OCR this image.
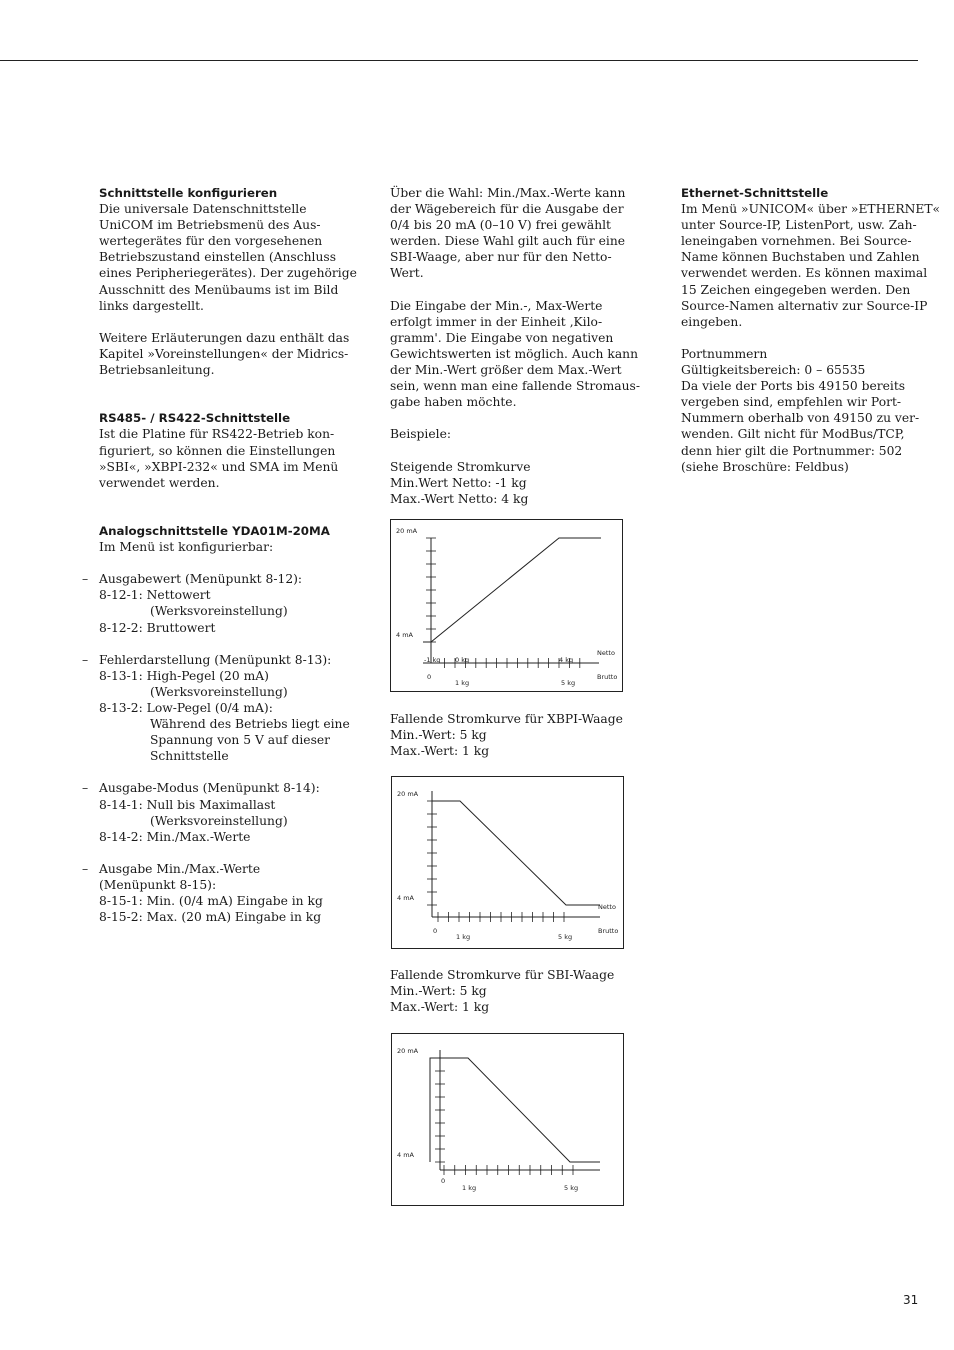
Schnittstelle konfigurieren
Die universale Datenschnittstelle
UniCOM im Betriebsmenü des Aus-
wertegerätes für den vorgesehenen
Betriebszustand einstellen (Anschluss
eines Peripheriegerätes). Der zugehörige
Ausschnitt des Menübaums ist im Bild
links dargestellt.
Weitere Erläuterungen dazu enthält das
Kapitel »Voreinstellungen« der Midrics-
Betriebsanleitung.
RS485- / RS422-Schnittstelle
Ist die Platine für RS422-Betrieb kon-
figuriert, so können die Einstellungen
»SBI«, »XBPI-232« und SMA im Menü
verwendet werden.
Analogschnittstelle YDA01M-20MA
Im Menü ist konfigurierbar:
– Ausgabewert (Menüpunkt 8-12):
8-12-1: Nettowert
(Werksvoreinstellung)
8-12-2: Bruttowert
– Fehlerdarstellung (Menüpunkt 8-13):
8-13-1: High-Pegel (20 mA)
(Werksvoreinstellung)
8-13-2: Low-Pegel (0/4 mA):
Während des Betriebs liegt eine
Spannung von 5 V auf dieser
Schnittstelle
– Ausgabe-Modus (Menüpunkt 8-14):
8-14-1: Null bis Maximallast
(Werksvoreinstellung)
8-14-2: Min./Max.-Werte
– Ausgabe Min./Max.-Werte
(Menüpunkt 8-15):
8-15-1: Min. (0/4 mA) Eingabe in kg
8-15-2: Max. (20 mA) Eingabe in kg
Über die Wahl: Min./Max.-Werte kann
der Wägebereich für die Ausgabe der
0/4 bis 20 mA (0–10 V) frei gewählt
werden. Diese Wahl gilt auch für eine
SBI-Waage, aber nur für den Netto-
Wert.
Die Eingabe der Min.-, Max-Werte
erfolgt immer in der Einheit ‚Kilo-
gramm'. Die Eingabe von negativen
Gewichtswerten ist möglich. Auch kann
der Min.-Wert größer dem Max.-Wert
sein, wenn man eine fallende Stromaus-
gabe haben möchte.
Beispiele:
Steigende Stromkurve
Min.Wert Netto: -1 kg
Max.-Wert Netto: 4 kg
Fallende Stromkurve für XBPI-Waage
Min.-Wert: 5 kg
Max.-Wert: 1 kg
Fallende Stromkurve für SBI-Waage
Min.-Wert: 5 kg
Max.-Wert: 1 kg
20 mA
4 mA
Netto
Brutto
0
1 kg	5 kg
-1 kg 0 kg	4 kg
20 mA
4 mA
Netto
Brutto
0
1 kg	5 kg
20 mA
4 mA
0
1 kg	5 kg
Ethernet-Schnittstelle
Im Menü »UNICOM« über »ETHERNET«
unter Source-IP, ListenPort, usw. Zah-
leneingaben vornehmen. Bei Source-
Name können Buchstaben und Zahlen
verwendet werden. Es können maximal
15 Zeichen eingegeben werden. Den
Source-Namen alternativ zur Source-IP
eingeben.
Portnummern
Gültigkeitsbereich: 0 – 65535
Da viele der Ports bis 49150 bereits
vergeben sind, empfehlen wir Port-
Nummern oberhalb von 49150 zu ver-
wenden. Gilt nicht für ModBus/TCP,
denn hier gilt die Portnummer: 502
(siehe Broschüre: Feldbus)
31
